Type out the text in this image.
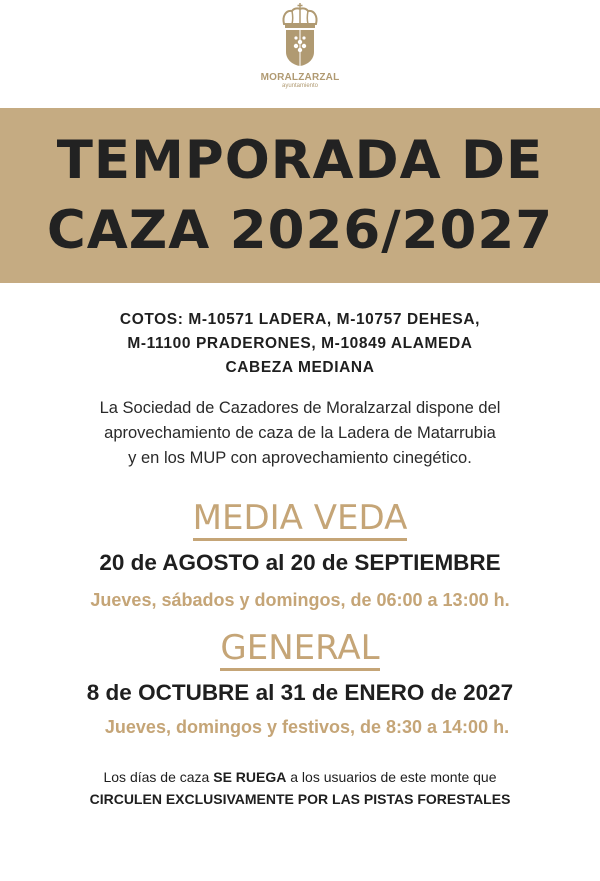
MORALZARZAL
ayuntamiento
TEMPORADA DE
CAZA 2026/2027
COTOS: M-10571 LADERA, M-10757 DEHESA,
M-11100 PRADERONES, M-10849 ALAMEDA
CABEZA MEDIANA
La Sociedad de Cazadores de Moralzarzal dispone del
aprovechamiento de caza de la Ladera de Matarrubia
y en los MUP con aprovechamiento cinegético.
MEDIA VEDA
20 de AGOSTO al 20 de SEPTIEMBRE
Jueves, sábados y domingos, de 06:00 a 13:00 h.
GENERAL
8 de OCTUBRE al 31 de ENERO de 2027
Jueves, domingos y festivos, de 8:30 a 14:00 h.
Los días de caza SE RUEGA a los usuarios de este monte que
CIRCULEN EXCLUSIVAMENTE POR LAS PISTAS FORESTALES
